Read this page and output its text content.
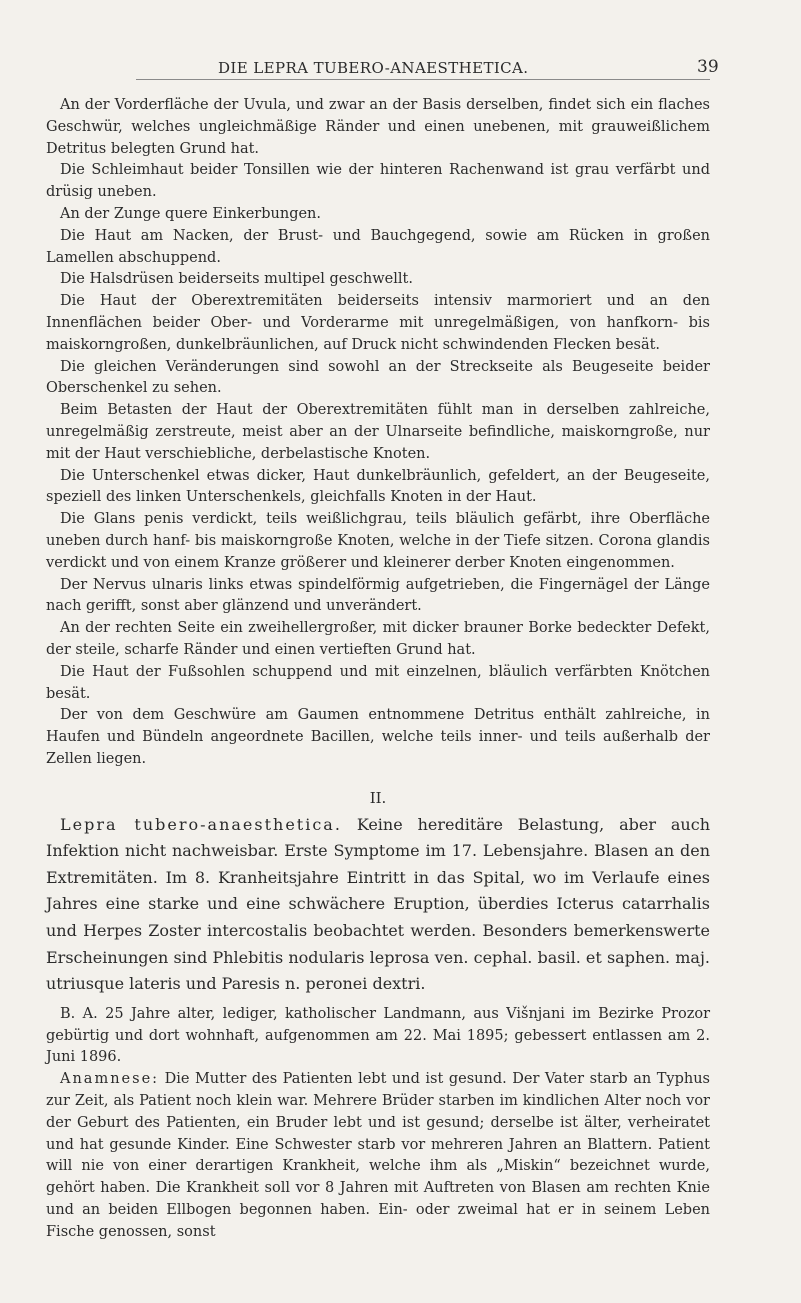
DIE LEPRA TUBERO-ANAESTHETICA.	39

An der Vorderfläche der Uvula, und zwar an der Basis derselben, findet sich ein flaches Geschwür, welches ungleichmäßige Ränder und einen unebenen, mit grauweißlichem Detritus belegten Grund hat.

Die Schleimhaut beider Tonsillen wie der hinteren Rachenwand ist grau verfärbt und drüsig uneben.

An der Zunge quere Einkerbungen.

Die Haut am Nacken, der Brust- und Bauchgegend, sowie am Rücken in großen Lamellen abschuppend.

Die Halsdrüsen beiderseits multipel geschwellt.

Die Haut der Oberextremitäten beiderseits intensiv marmoriert und an den Innenflächen beider Ober- und Vorderarme mit unregelmäßigen, von hanfkorn- bis maiskorngroßen, dunkelbräunlichen, auf Druck nicht schwindenden Flecken besät.

Die gleichen Veränderungen sind sowohl an der Streckseite als Beugeseite beider Oberschenkel zu sehen.

Beim Betasten der Haut der Oberextremitäten fühlt man in derselben zahlreiche, unregelmäßig zerstreute, meist aber an der Ulnarseite befindliche, maiskorngroße, nur mit der Haut verschiebliche, derbelastische Knoten.

Die Unterschenkel etwas dicker, Haut dunkelbräunlich, gefeldert, an der Beugeseite, speziell des linken Unterschenkels, gleichfalls Knoten in der Haut.

Die Glans penis verdickt, teils weißlichgrau, teils bläulich gefärbt, ihre Oberfläche uneben durch hanf- bis maiskorngroße Knoten, welche in der Tiefe sitzen. Corona glandis verdickt und von einem Kranze größerer und kleinerer derber Knoten eingenommen.

Der Nervus ulnaris links etwas spindelförmig aufgetrieben, die Fingernägel der Länge nach gerifft, sonst aber glänzend und unverändert.

An der rechten Seite ein zweihellergroßer, mit dicker brauner Borke bedeckter Defekt, der steile, scharfe Ränder und einen vertieften Grund hat.

Die Haut der Fußsohlen schuppend und mit einzelnen, bläulich verfärbten Knötchen besät.

Der von dem Geschwüre am Gaumen entnommene Detritus enthält zahlreiche, in Haufen und Bündeln angeordnete Bacillen, welche teils inner- und teils außerhalb der Zellen liegen.

II.

Lepra tubero-anaesthetica. Keine hereditäre Belastung, aber auch Infektion nicht nachweisbar. Erste Symptome im 17. Lebensjahre. Blasen an den Extremitäten. Im 8. Kranheitsjahre Eintritt in das Spital, wo im Verlaufe eines Jahres eine starke und eine schwächere Eruption, überdies Icterus catarrhalis und Herpes Zoster intercostalis beobachtet werden. Besonders bemerkenswerte Erscheinungen sind Phlebitis nodularis leprosa ven. cephal. basil. et saphen. maj. utriusque lateris und Paresis n. peronei dextri.

B. A. 25 Jahre alter, lediger, katholischer Landmann, aus Višnjani im Bezirke Prozor gebürtig und dort wohnhaft, aufgenommen am 22. Mai 1895; gebessert entlassen am 2. Juni 1896.

Anamnese: Die Mutter des Patienten lebt und ist gesund. Der Vater starb an Typhus zur Zeit, als Patient noch klein war. Mehrere Brüder starben im kindlichen Alter noch vor der Geburt des Patienten, ein Bruder lebt und ist gesund; derselbe ist älter, verheiratet und hat gesunde Kinder. Eine Schwester starb vor mehreren Jahren an Blattern. Patient will nie von einer derartigen Krankheit, welche ihm als „Miskin“ bezeichnet wurde, gehört haben. Die Krankheit soll vor 8 Jahren mit Auftreten von Blasen am rechten Knie und an beiden Ellbogen begonnen haben. Ein- oder zweimal hat er in seinem Leben Fische genossen, sonst
